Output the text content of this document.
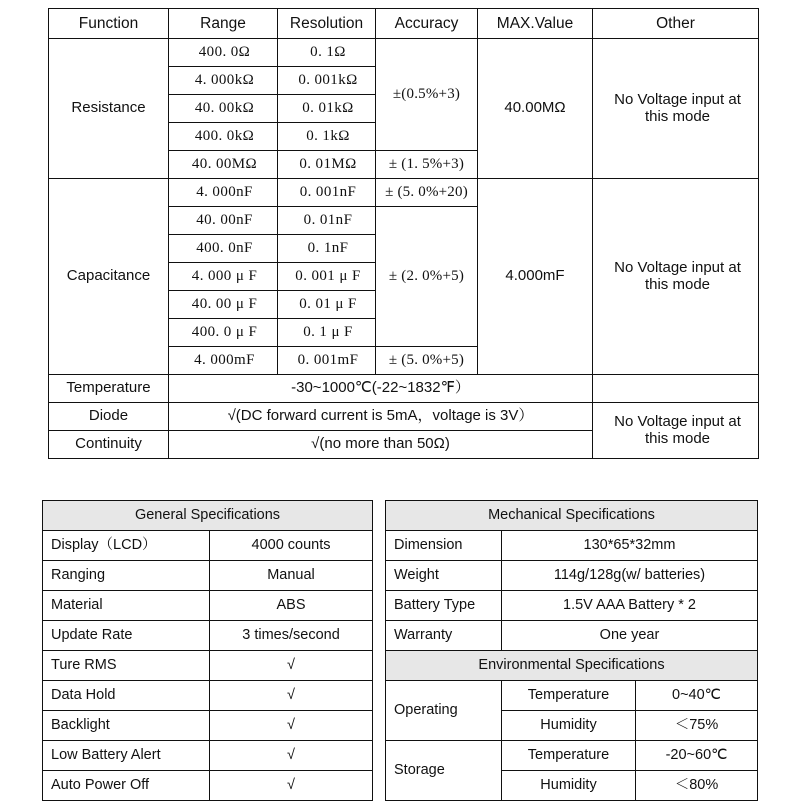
Function	Range	Resolution	Accuracy	MAX.Value	Other
Resistance	400. 0Ω	0. 1Ω	±(0.5%+3)	40.00MΩ	No Voltage input at this mode
	4. 000kΩ	0. 001kΩ			
	40. 00kΩ	0. 01kΩ			
	400. 0kΩ	0. 1kΩ			
	40. 00MΩ	0. 01MΩ	± (1. 5%+3)		
Capacitance	4. 000nF	0. 001nF	± (5. 0%+20)	4.000mF	No Voltage input at this mode
	40. 00nF	0. 01nF	± (2. 0%+5)		
	400. 0nF	0. 1nF			
	4. 000 μ F	0. 001 μ F			
	40. 00 μ F	0. 01 μ F			
	400. 0 μ F	0. 1 μ F			
	4. 000mF	0. 001mF	± (5. 0%+5)		
Temperature	-30~1000℃(-22~1832℉）				
Diode	√(DC forward current is 5mA，voltage is 3V）				No Voltage input at this mode
Continuity	√(no more than 50Ω)				
General Specifications	
Display（LCD）	4000 counts
Ranging	Manual
Material	ABS
Update Rate	3 times/second
Ture RMS	√
Data Hold	√
Backlight	√
Low Battery Alert	√
Auto Power Off	√
Mechanical Specifications		
Dimension	130*65*32mm	
Weight	114g/128g(w/ batteries)	
Battery Type	1.5V AAA Battery * 2	
Warranty	One year	
Environmental Specifications		
Operating	Temperature	0~40℃
	Humidity	＜75%
Storage	Temperature	-20~60℃
	Humidity	＜80%
